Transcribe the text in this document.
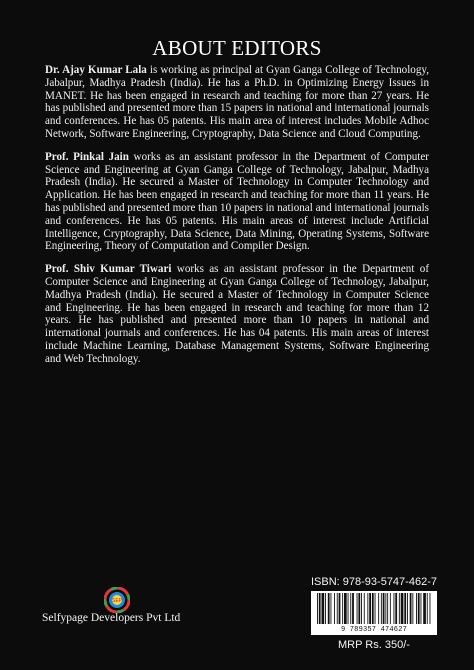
ABOUT EDITORS

Dr. Ajay Kumar Lala is working as principal at Gyan Ganga College of Technology, Jabalpur, Madhya Pradesh (India). He has a Ph.D. in Optimizing Energy Issues in MANET. He has been engaged in research and teaching for more than 27 years. He has published and presented more than 15 papers in national and international journals and conferences. He has 05 patents. His main area of interest includes Mobile Adhoc Network, Software Engineering, Cryptography, Data Science and Cloud Computing.

Prof. Pinkal Jain works as an assistant professor in the Department of Computer Science and Engineering at Gyan Ganga College of Technology, Jabalpur, Madhya Pradesh (India). He secured a Master of Technology in Computer Technology and Application. He has been engaged in research and teaching for more than 11 years. He has published and presented more than 10 papers in national and international journals and conferences. He has 05 patents. His main areas of interest include Artificial Intelligence, Cryptography, Data Science, Data Mining, Operating Systems, Software Engineering, Theory of Computation and Compiler Design.

Prof. Shiv Kumar Tiwari works as an assistant professor in the Department of Computer Science and Engineering at Gyan Ganga College of Technology, Jabalpur, Madhya Pradesh (India). He secured a Master of Technology in Computer Science and Engineering. He has been engaged in research and teaching for more than 12 years. He has published and presented more than 10 papers in national and international journals and conferences. He has 04 patents. His main areas of interest include Machine Learning, Database Management Systems, Software Engineering and Web Technology.

SEP
Selfypage Developers Pvt Ltd
ISBN: 978-93-5747-462-7
9 789357 474627
MRP Rs. 350/-
